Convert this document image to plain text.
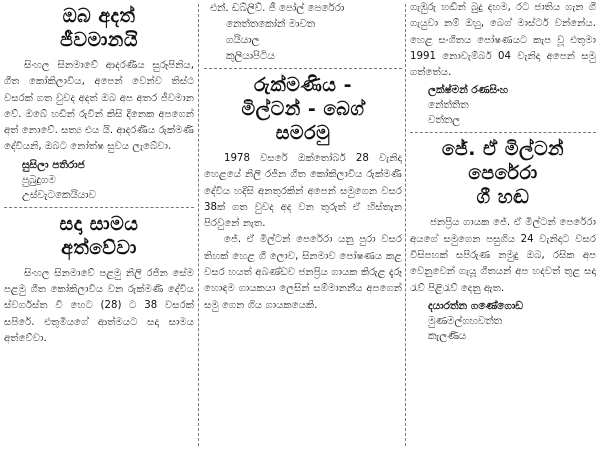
ඔබ අදත්
ජීවමානයි

සිංහල සිනමාවේ ආදරණීය සුරූපිනිය, ගීත කෝකිලාවිය, අපෙන් වෙන්ව තිස්ථ වසරක් ගත වුවද අදත් ඔබ අප අතර ජීවමාන වේ. ඔබේ හඩින් රුවින් කිසි දිනෙක අපගෙන් අත් නොවේ. සත්‍ය එය යි. ආදරණීය රුක්මණි දේවියනි, ඔබට නෝත්ෂ සුවය ලැබේවා.

සුසිලා පතිරාජ
පුබුදුගම
උස්වැටකෙයියාව
සදා සාමය
අත්වේවා

සිංහල සිනමාවේ පළමු නිලි රජින සේම පළමු ගීත කෝකිලාවිය වන රුක්මණි දේවිය ස්වර්ගස්ත වී හෙට (28) ට 38 වසරක් සපිරේ. එතුමියගේ ආත්මයට සදා සාමය අත්වේවා.

එන්. ඩබ්ලිව්. ජී පෝල් පෙරේරා
නෙත්තකෝන් මාවත
ගයියාල
කුලියාපිටිය
රුක්මණිය -
මිල්ටන් - බෙග්
සමරමු

1978 වසරේ ඔක්තෝබර් 28 වැනිදා හෙළයේ නිලි රජින ගීත කෝකිලාවිය රුක්මණී දේවිය හදිසි අනතුරකින් අපෙන් සමුගෙන වසර 38ක් ගත වුවද අද වන තුරුත් ඒ හිස්තැන පිරවුනේ නැත.

ජේ. ඒ මිල්ටන් පෙරේරා යනු පුරා වසර තිහක් හෙළ ගී ලොව, සිනමාව පෝෂණය කළ වසර හයත් අබණ්ඩව ජනප්‍රිය ගායක කිරුළ දැරූ හොඳම ගායකයා ලෙසින් සම්මානනීය අපගෙන් සමු ගෙන ගිය ගායකයෙකි.

ගැඹුරු හඬින් බුදු දහම, රට ජාතිය ගැන ගී ගැයුවා නම් ඔහු, බෙග් මාස්ටර් වන්නේය. හෙළ සංගීතය පෝෂණයට කැප වූ එතුමා 1991 නොවැම්බර් 04 වැනිදා අපෙන් සමු ගත්තේය.

ලක්ෂ්මන් රණසිංහ
නේත්තිත
වත්තල
ජේ. ඒ මිල්ටන්
පෙරේරා
ගී හඬ

ජනප්‍රිය ගායක ජේ. ඒ මිල්ටන් පෙරේරා අයගේ සමුගෙන පසුගිය 24 වැනිදාට වසර විසිපහක් සපිරුණ නමුදු ඔබ, රසික අප වෙනුවෙන් ගැයූ ගීතයන් අප හදවත් තුළ සදා රැව් පිළිරැව් දෙනු ඇත.

දයාරත්න ගණේගොඩ
මුණමල්ගහවත්ත
කැලණිය
